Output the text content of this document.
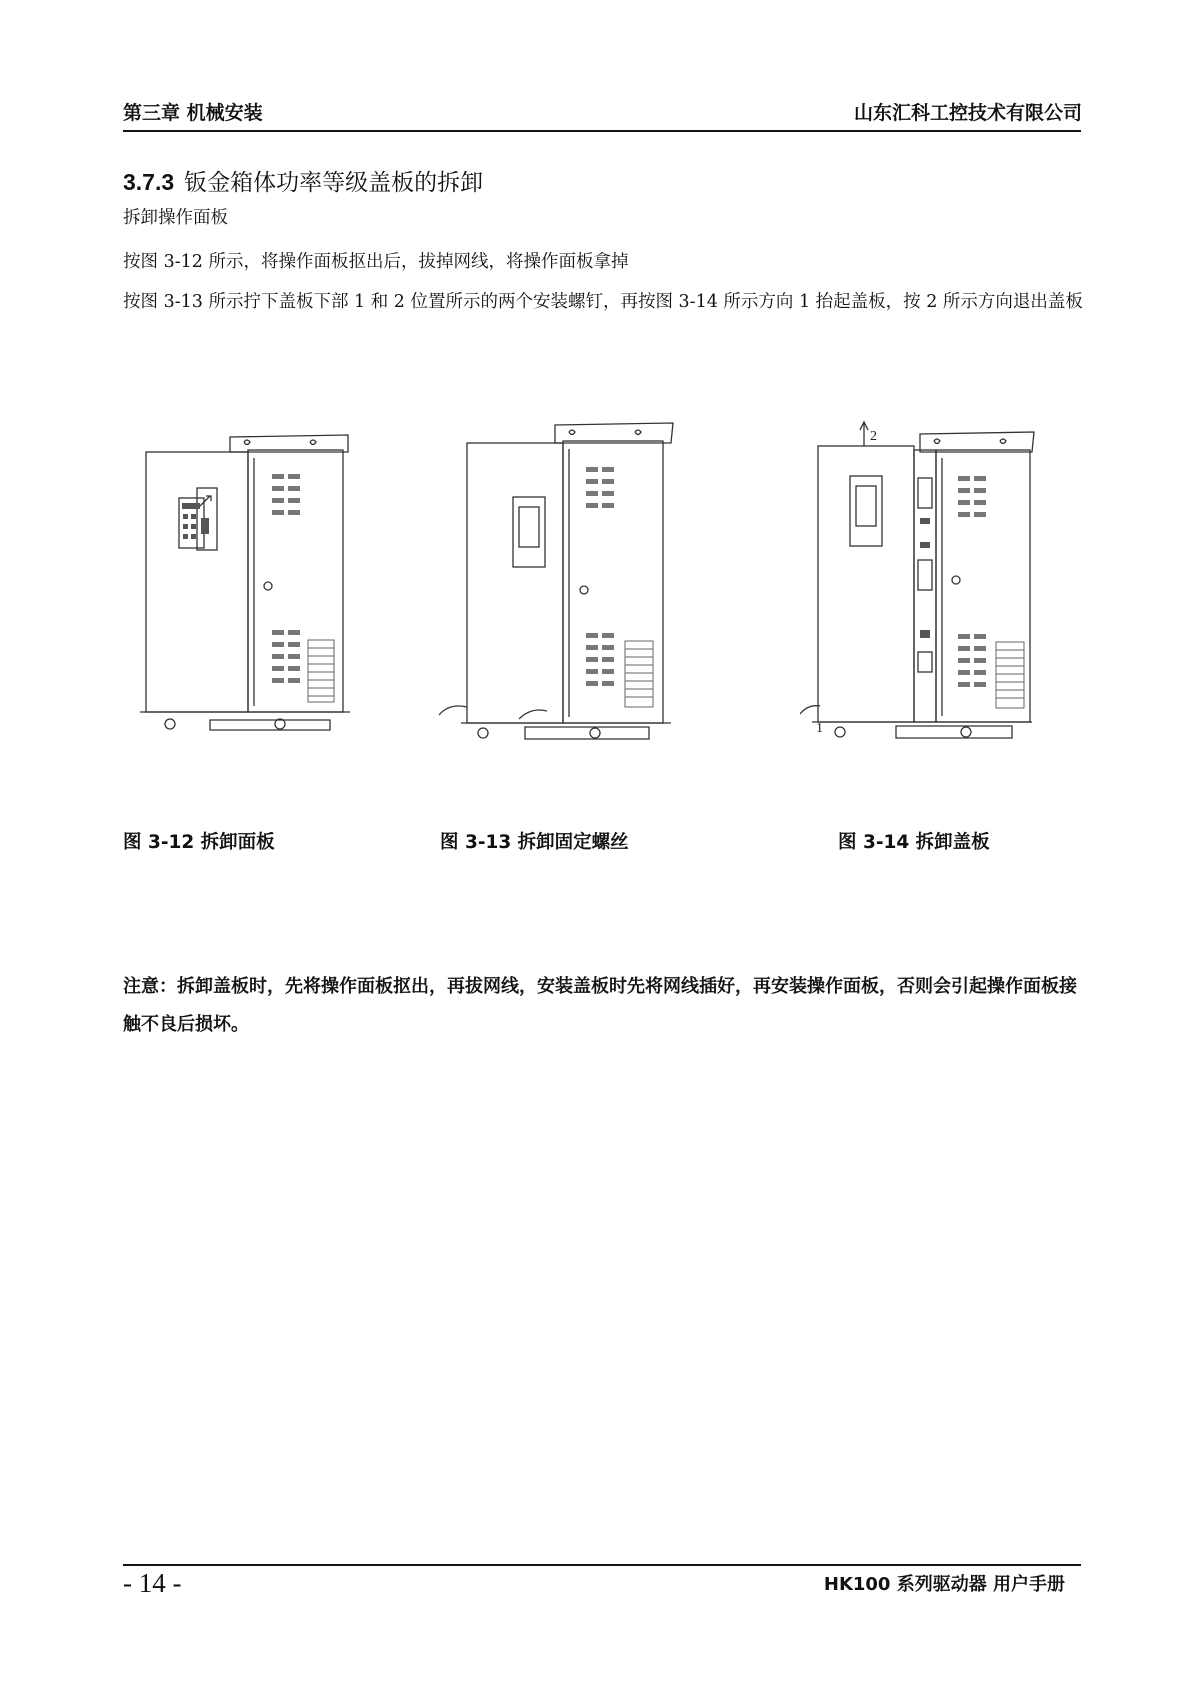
第三章 机械安装	山东汇科工控技术有限公司
3.7.3 钣金箱体功率等级盖板的拆卸
拆卸操作面板
按图 3-12 所示，将操作面板抠出后，拔掉网线，将操作面板拿掉
按图 3-13 所示拧下盖板下部 1 和 2 位置所示的两个安装螺钉，再按图 3-14 所示方向 1 抬起盖板，按 2 所示方向退出盖板
2
1
图 3-12 拆卸面板	图 3-13 拆卸固定螺丝	图 3-14 拆卸盖板
注意：拆卸盖板时，先将操作面板抠出，再拔网线，安装盖板时先将网线插好，再安装操作面板，否则会引起操作面板接触不良后损坏。
- 14 -	HK100 系列驱动器 用户手册
